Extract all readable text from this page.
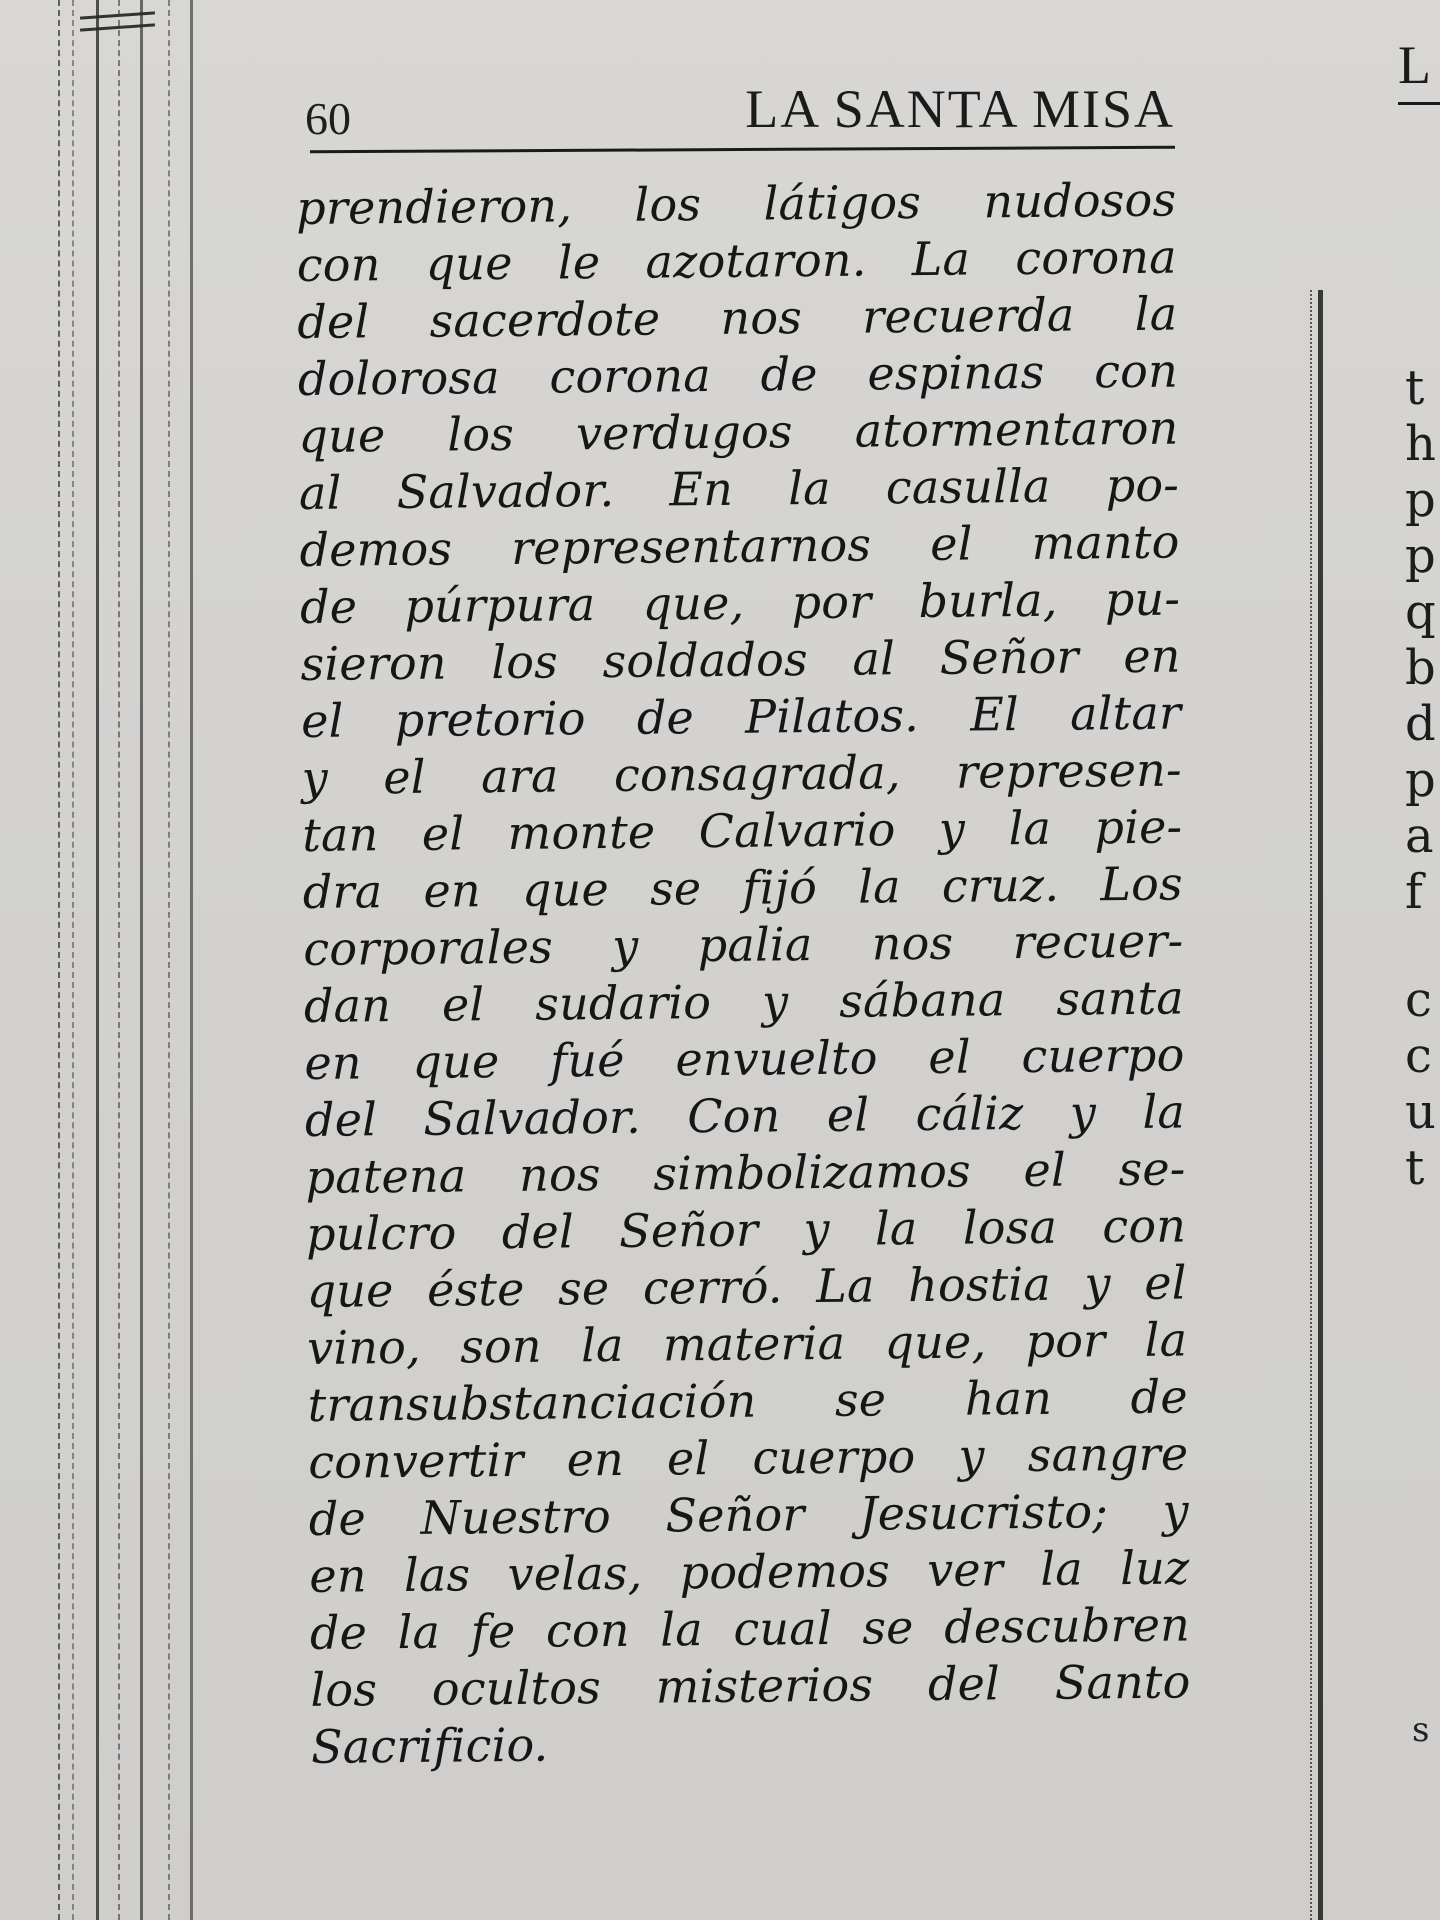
60	LA SANTA MISA
prendieron, los látigos nudosos
con que le azotaron. La corona
del sacerdote nos recuerda la
dolorosa corona de espinas con
que los verdugos atormentaron
al Salvador. En la casulla po-
demos representarnos el manto
de púrpura que, por burla, pu-
sieron los soldados al Señor en
el pretorio de Pilatos. El altar
y el ara consagrada, represen-
tan el monte Calvario y la pie-
dra en que se fijó la cruz. Los
corporales y palia nos recuer-
dan el sudario y sábana santa
en que fué envuelto el cuerpo
del Salvador. Con el cáliz y la
patena nos simbolizamos el se-
pulcro del Señor y la losa con
que éste se cerró. La hostia y el
vino, son la materia que, por la
transubstanciación se han de
convertir en el cuerpo y sangre
de Nuestro Señor Jesucristo; y
en las velas, podemos ver la luz
de la fe con la cual se descubren
los ocultos misterios del Santo
Sacrificio.
L
t
h
p
p
q
b
d
p
a
f
c
c
u
t
s
